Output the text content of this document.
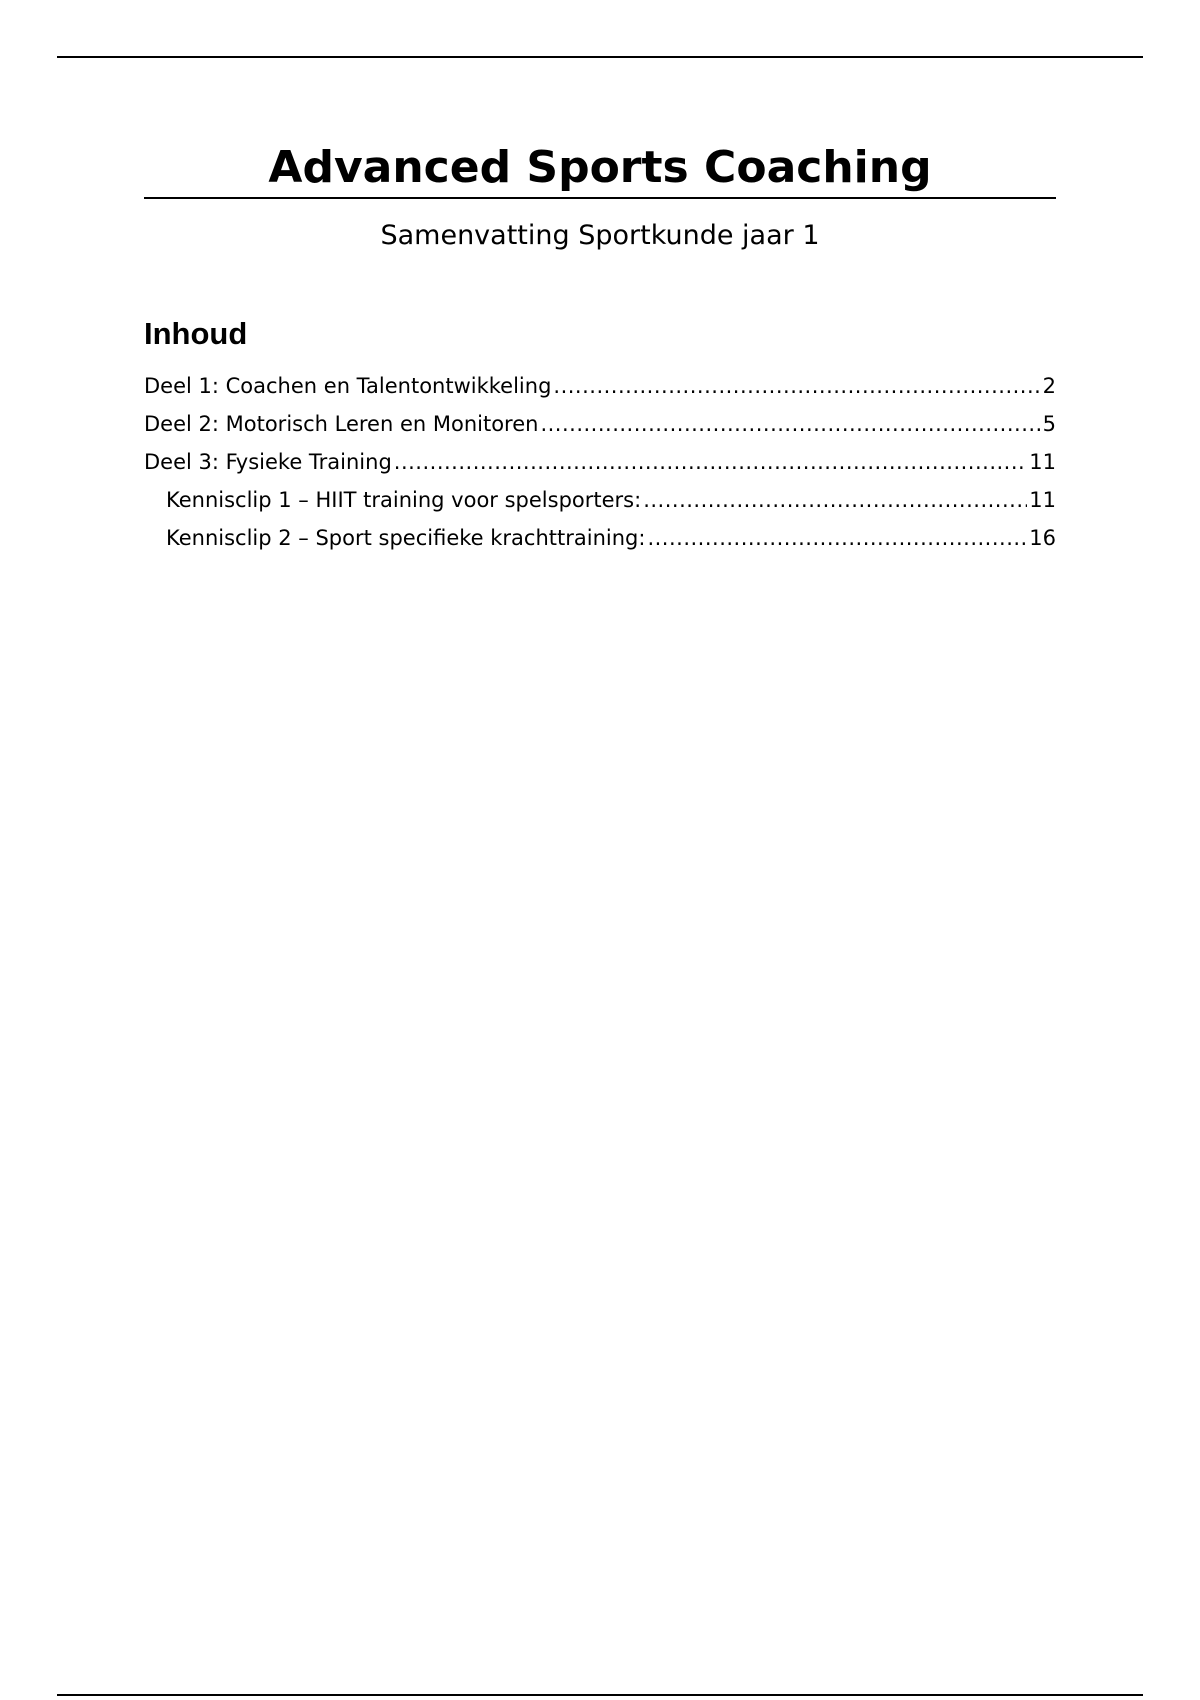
Advanced Sports Coaching
Samenvatting Sportkunde jaar 1
Inhoud
Deel 1: Coachen en Talentontwikkeling .....	2
Deel 2: Motorisch Leren en Monitoren .....	5
Deel 3: Fysieke Training .....	11
Kennisclip 1 – HIIT training voor spelsporters: .....	11
Kennisclip 2 – Sport specifieke krachttraining: .....	16
